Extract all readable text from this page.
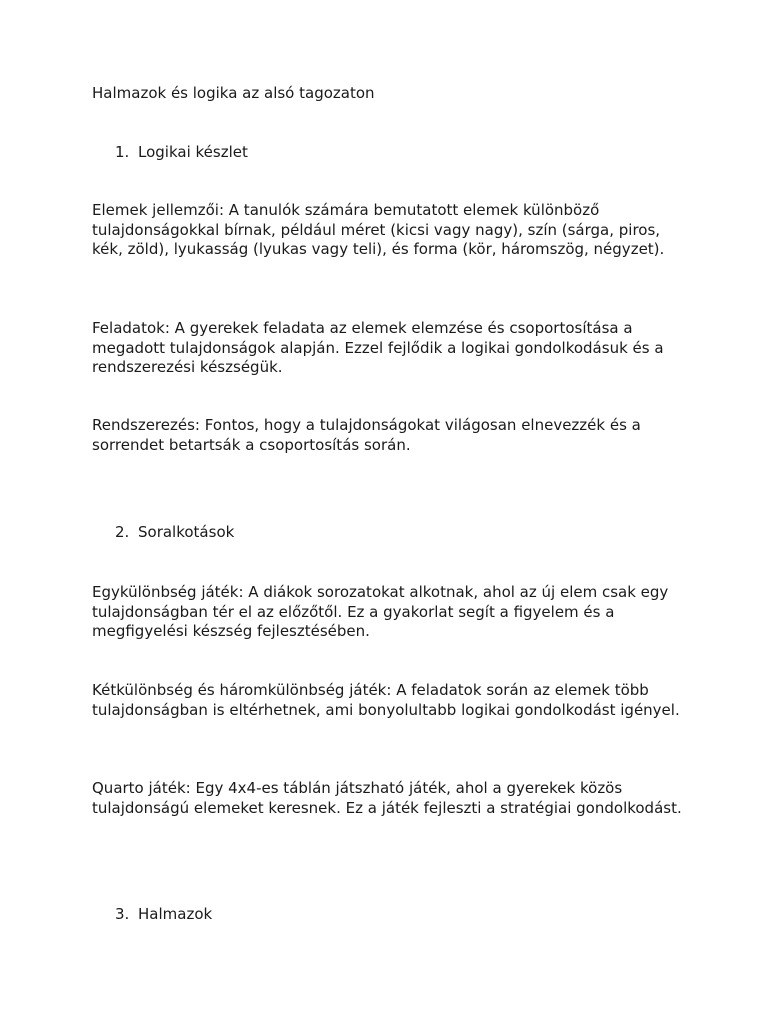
Halmazok és logika az alsó tagozaton

1. Logikai készlet

Elemek jellemzői: A tanulók számára bemutatott elemek különböző tulajdonságokkal bírnak, például méret (kicsi vagy nagy), szín (sárga, piros, kék, zöld), lyukasság (lyukas vagy teli), és forma (kör, háromszög, négyzet).

Feladatok: A gyerekek feladata az elemek elemzése és csoportosítása a megadott tulajdonságok alapján. Ezzel fejlődik a logikai gondolkodásuk és a rendszerezési készségük.

Rendszerezés: Fontos, hogy a tulajdonságokat világosan elnevezzék és a sorrendet betartsák a csoportosítás során.

2. Soralkotások

Egykülönbség játék: A diákok sorozatokat alkotnak, ahol az új elem csak egy tulajdonságban tér el az előzőtől. Ez a gyakorlat segít a figyelem és a megfigyelési készség fejlesztésében.

Kétkülönbség és háromkülönbség játék: A feladatok során az elemek több tulajdonságban is eltérhetnek, ami bonyolultabb logikai gondolkodást igényel.

Quarto játék: Egy 4x4-es táblán játszható játék, ahol a gyerekek közös tulajdonságú elemeket keresnek. Ez a játék fejleszti a stratégiai gondolkodást.

3. Halmazok
